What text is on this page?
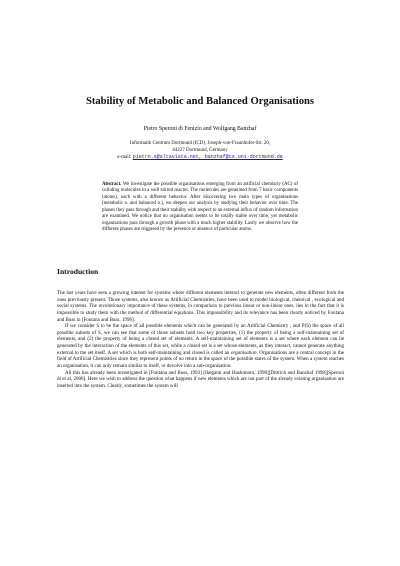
Stability of Metabolic and Balanced Organisations
Pietro Speroni di Fenizio and Wolfgang Banzhaf
Informatik Centrum Dortmund (ICD), Joseph-von-Fraunhofer-Str. 20,
44227 Dortmund, Germany
e-mail: pietro.s@altavista.net, banzhaf@cs.uni-dortmund.de
Abstract. We investigate the possible organisations emerging from an artificial chemistry (AC) of colliding molecules in a well stirred reactor. The molecules are generated from 7 basic components (atoms), each with a different behavior. After discovering two main types of organisations (metabolic o. and balanced o.), we deepen our analysis by studying their behavior over time. The phases they pass through and their stability with respect to an external influx of random information are examined. We notice that no organisation seems to be totally stable over time, yet metabolic organisations pass through a growth phase with a much higher stability. Lastly we observe how the different phases are triggered by the presence or absence of particular atoms.
Introduction

The last years have seen a growing interest for systems where different elements interact to generate new elements, often different from the ones previously present. Those systems, also known as Artificial Chemistries, have been used to model biological, chemical , ecological and social systems. The revolutionary importance of these systems, in comparison to previous linear or non-linear ones, lies in the fact that it is impossible to study them with the method of differential equations. This impossibility and its relevance has been clearly noticed by Fontana and Buss in [Fontana and Buss, 1996].

If we consider S to be the space of all possible elements which can be generated by an Artificial Chemistry , and P(S) the space of all possible subsets of S, we can see that some of those subsets hold two key properties, (1) the property of being a self-maintaining set of elements, and (2) the property of being a closed set of elements. A self-maintaining set of elements is a set where each element can be generated by the interaction of the elements of this set, while a closed set is a set whose elements, as they interact, cannot generate anything external to the set itself. A set which is both self-maintaining and closed is called an organisation. Organisations are a central concept in the field of Artificial Chemistries since they represent points of no return in the space of the possible states of the system. When a system reaches an organisation, it can only remain similar to itself, or devolve into a sub-organisation.

All this has already been investigated in [Fontana and Buss, 1993] [Ikegami and Hashimoto, 1998][Dittrich and Banzhaf 1998][Speroni di et al, 2000]. Here we wish to address the question what happens if new elements which are not part of the already existing organisation are inserted into the system. Clearly, sometimes the system will
